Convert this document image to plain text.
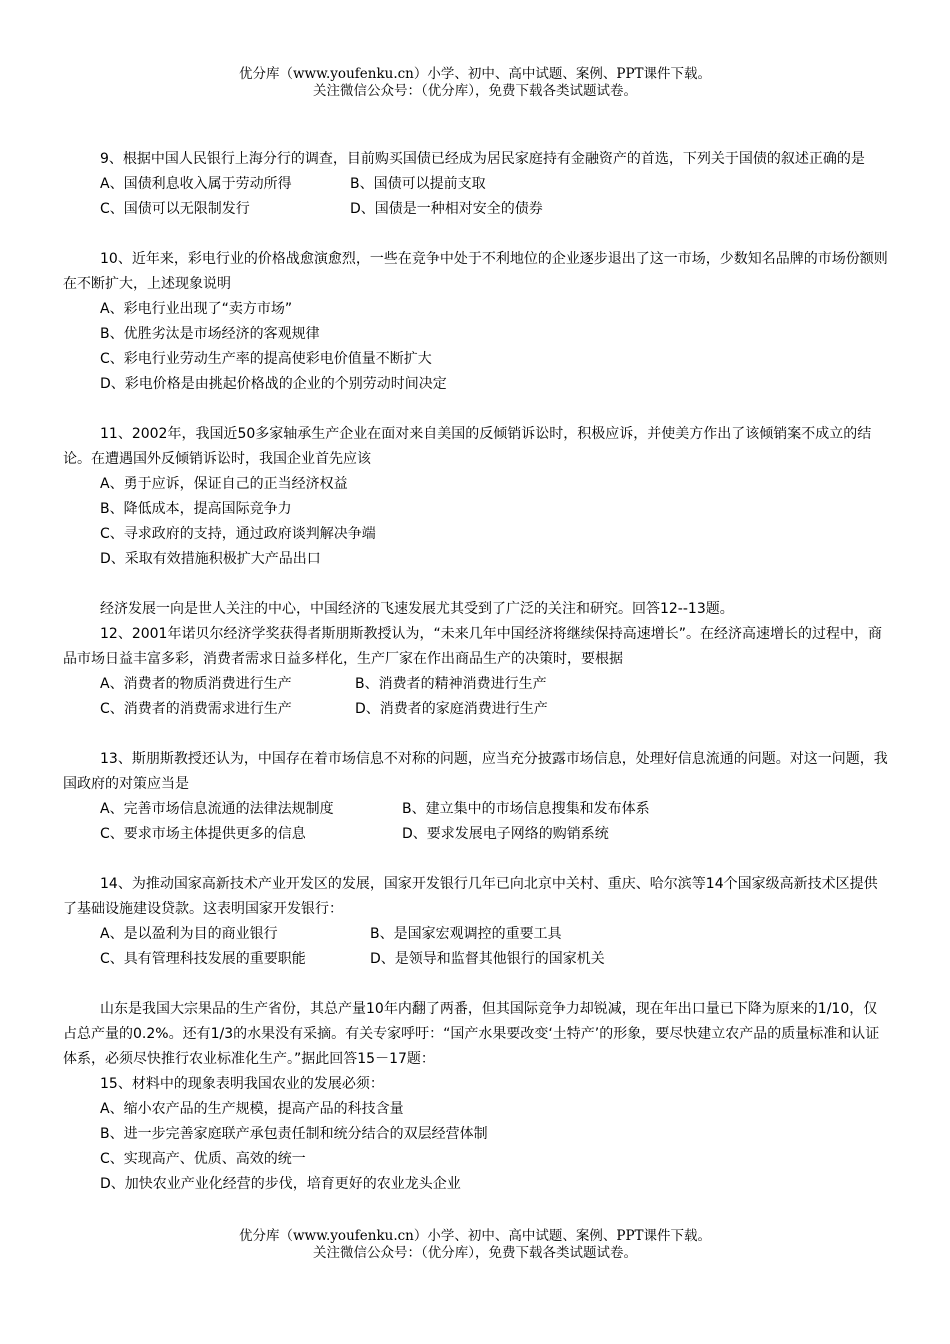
优分库（www.youfenku.cn）小学、初中、高中试题、案例、PPT课件下载。
关注微信公众号：（优分库），免费下载各类试题试卷。
9、根据中国人民银行上海分行的调查，目前购买国债已经成为居民家庭持有金融资产的首选，下列关于国债的叙述正确的是
A、国债利息收入属于劳动所得	B、国债可以提前支取
C、国债可以无限制发行	D、国债是一种相对安全的债券
10、近年来，彩电行业的价格战愈演愈烈，一些在竞争中处于不利地位的企业逐步退出了这一市场，少数知名品牌的市场份额则在不断扩大，上述现象说明
A、彩电行业出现了“卖方市场”
B、优胜劣汰是市场经济的客观规律
C、彩电行业劳动生产率的提高使彩电价值量不断扩大
D、彩电价格是由挑起价格战的企业的个别劳动时间决定
11、2002年，我国近50多家轴承生产企业在面对来自美国的反倾销诉讼时，积极应诉，并使美方作出了该倾销案不成立的结论。在遭遇国外反倾销诉讼时，我国企业首先应该
A、勇于应诉，保证自己的正当经济权益
B、降低成本，提高国际竞争力
C、寻求政府的支持，通过政府谈判解决争端
D、采取有效措施积极扩大产品出口
经济发展一向是世人关注的中心，中国经济的飞速发展尤其受到了广泛的关注和研究。回答12--13题。
12、2001年诺贝尔经济学奖获得者斯朋斯教授认为，“未来几年中国经济将继续保持高速增长”。在经济高速增长的过程中，商品市场日益丰富多彩，消费者需求日益多样化，生产厂家在作出商品生产的决策时，要根据
A、消费者的物质消费进行生产	B、消费者的精神消费进行生产
C、消费者的消费需求进行生产	D、消费者的家庭消费进行生产
13、斯朋斯教授还认为，中国存在着市场信息不对称的问题，应当充分披露市场信息，处理好信息流通的问题。对这一问题，我国政府的对策应当是
A、完善市场信息流通的法律法规制度	B、建立集中的市场信息搜集和发布体系
C、要求市场主体提供更多的信息	D、要求发展电子网络的购销系统
14、为推动国家高新技术产业开发区的发展，国家开发银行几年已向北京中关村、重庆、哈尔滨等14个国家级高新技术区提供了基础设施建设贷款。这表明国家开发银行：
A、是以盈利为目的商业银行	B、是国家宏观调控的重要工具
C、具有管理科技发展的重要职能	D、是领导和监督其他银行的国家机关
山东是我国大宗果品的生产省份，其总产量10年内翻了两番，但其国际竞争力却锐减，现在年出口量已下降为原来的1/10，仅占总产量的0.2%。还有1/3的水果没有采摘。有关专家呼吁：“国产水果要改变‘土特产’的形象，要尽快建立农产品的质量标准和认证体系，必须尽快推行农业标准化生产。”据此回答15－17题：
15、材料中的现象表明我国农业的发展必须：
A、缩小农产品的生产规模，提高产品的科技含量
B、进一步完善家庭联产承包责任制和统分结合的双层经营体制
C、实现高产、优质、高效的统一
D、加快农业产业化经营的步伐，培育更好的农业龙头企业
优分库（www.youfenku.cn）小学、初中、高中试题、案例、PPT课件下载。
关注微信公众号：（优分库），免费下载各类试题试卷。
